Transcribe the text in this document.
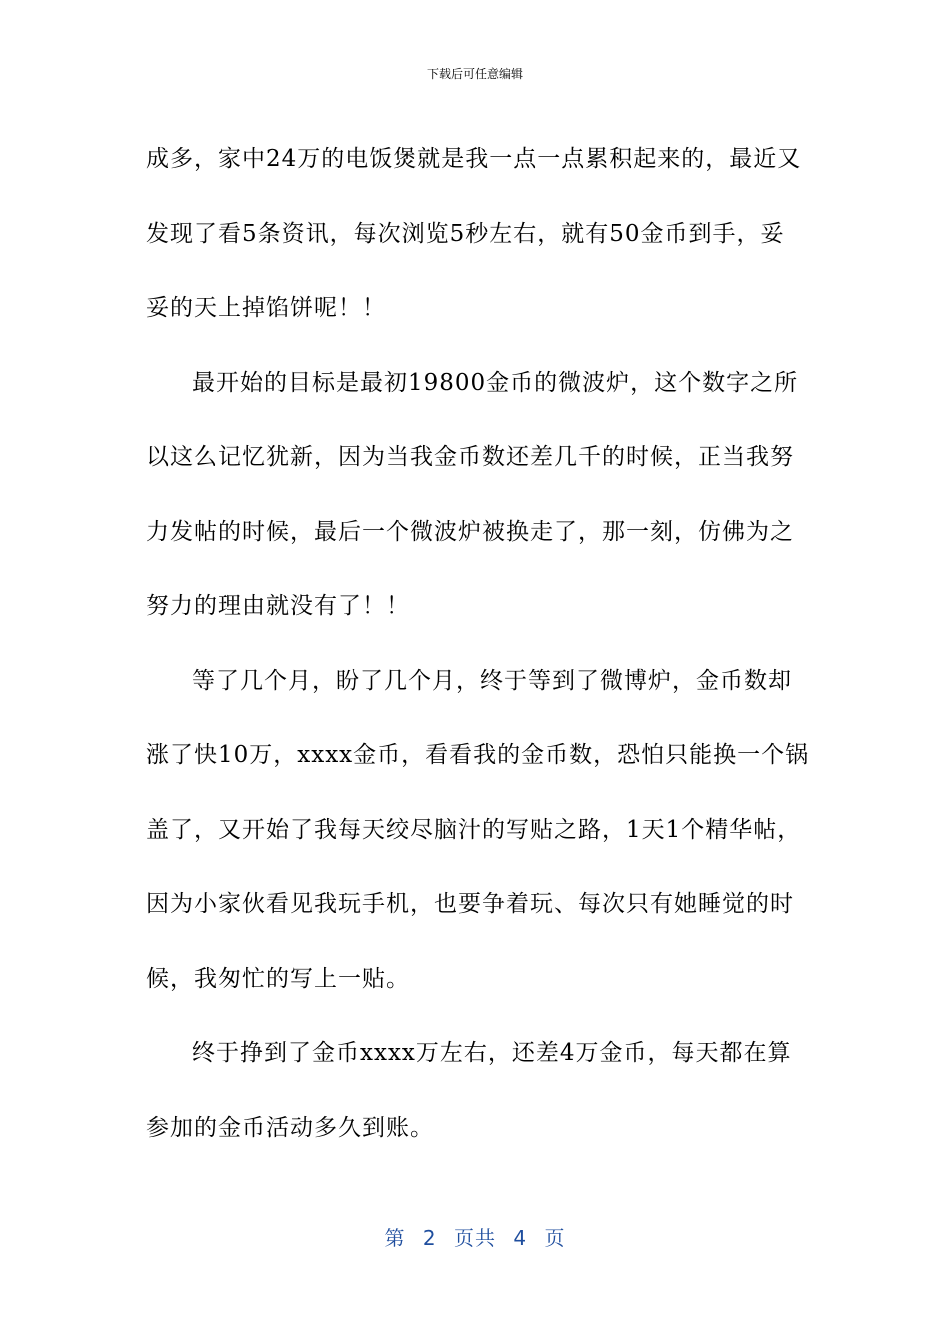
下载后可任意编辑
成多，家中24万的电饭煲就是我一点一点累积起来的，最近又
发现了看5条资讯，每次浏览5秒左右，就有50金币到手，妥
妥的天上掉馅饼呢！！
最开始的目标是最初19800金币的微波炉，这个数字之所
以这么记忆犹新，因为当我金币数还差几千的时候，正当我努
力发帖的时候，最后一个微波炉被换走了，那一刻，仿佛为之
努力的理由就没有了！！
等了几个月，盼了几个月，终于等到了微博炉，金币数却
涨了快10万，xxxx金币，看看我的金币数，恐怕只能换一个锅
盖了，又开始了我每天绞尽脑汁的写贴之路，1天1个精华帖，
因为小家伙看见我玩手机，也要争着玩、每次只有她睡觉的时
候，我匆忙的写上一贴。
终于挣到了金币xxxx万左右，还差4万金币，每天都在算
参加的金币活动多久到账。
第 2 页共 4 页
